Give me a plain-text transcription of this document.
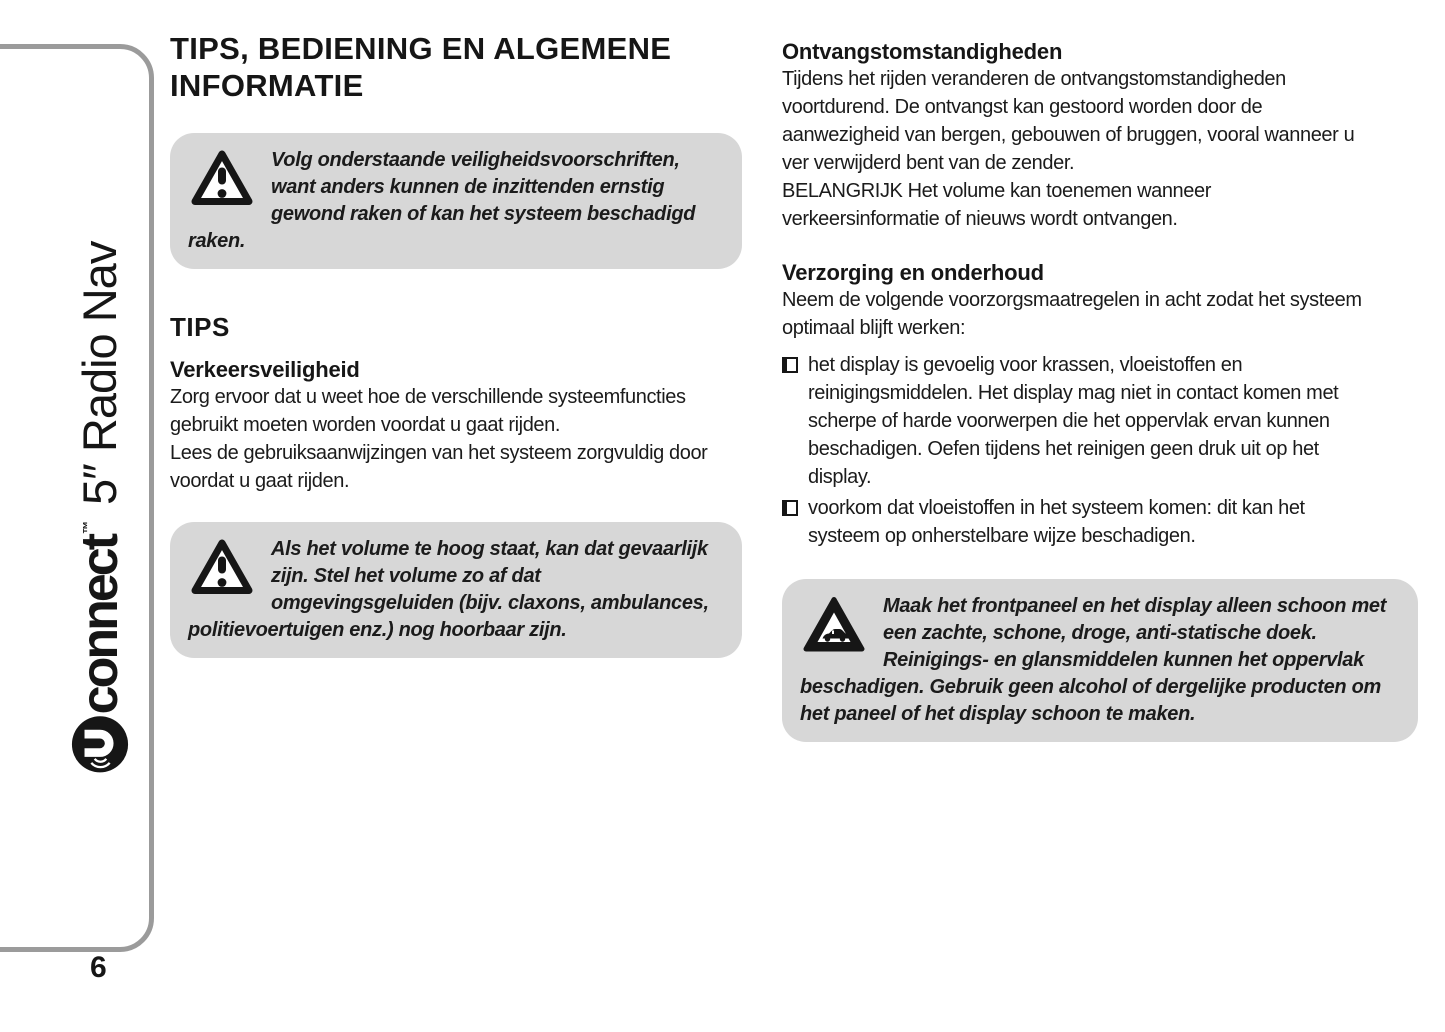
connect
™
5″ Radio Nav
6
TIPS, BEDIENING EN ALGEMENE INFORMATIE
Volg onderstaande veiligheidsvoorschriften, want anders kunnen de inzittenden ernstig gewond raken of kan het systeem beschadigd raken.
TIPS
Verkeersveiligheid

Zorg ervoor dat u weet hoe de verschillende systeemfuncties gebruikt moeten worden voordat u gaat rijden.

Lees de gebruiksaanwijzingen van het systeem zorgvuldig door voordat u gaat rijden.

Als het volume te hoog staat, kan dat gevaarlijk zijn. Stel het volume zo af dat omgevingsgeluiden (bijv. claxons, ambulances, politievoertuigen enz.) nog hoorbaar zijn.
Ontvangstomstandigheden

Tijdens het rijden veranderen de ontvangstomstandigheden voortdurend. De ontvangst kan gestoord worden door de aanwezigheid van bergen, gebouwen of bruggen, vooral wanneer u ver verwijderd bent van de zender.

BELANGRIJK Het volume kan toenemen wanneer verkeersinformatie of nieuws wordt ontvangen.

Verzorging en onderhoud

Neem de volgende voorzorgsmaatregelen in acht zodat het systeem optimaal blijft werken:

het display is gevoelig voor krassen, vloeistoffen en reinigingsmiddelen. Het display mag niet in contact komen met scherpe of harde voorwerpen die het oppervlak ervan kunnen beschadigen. Oefen tijdens het reinigen geen druk uit op het display.
voorkom dat vloeistoffen in het systeem komen: dit kan het systeem op onherstelbare wijze beschadigen.
Maak het frontpaneel en het display alleen schoon met een zachte, schone, droge, anti-statische doek. Reinigings- en glansmiddelen kunnen het oppervlak beschadigen. Gebruik geen alcohol of dergelijke producten om het paneel of het display schoon te maken.
